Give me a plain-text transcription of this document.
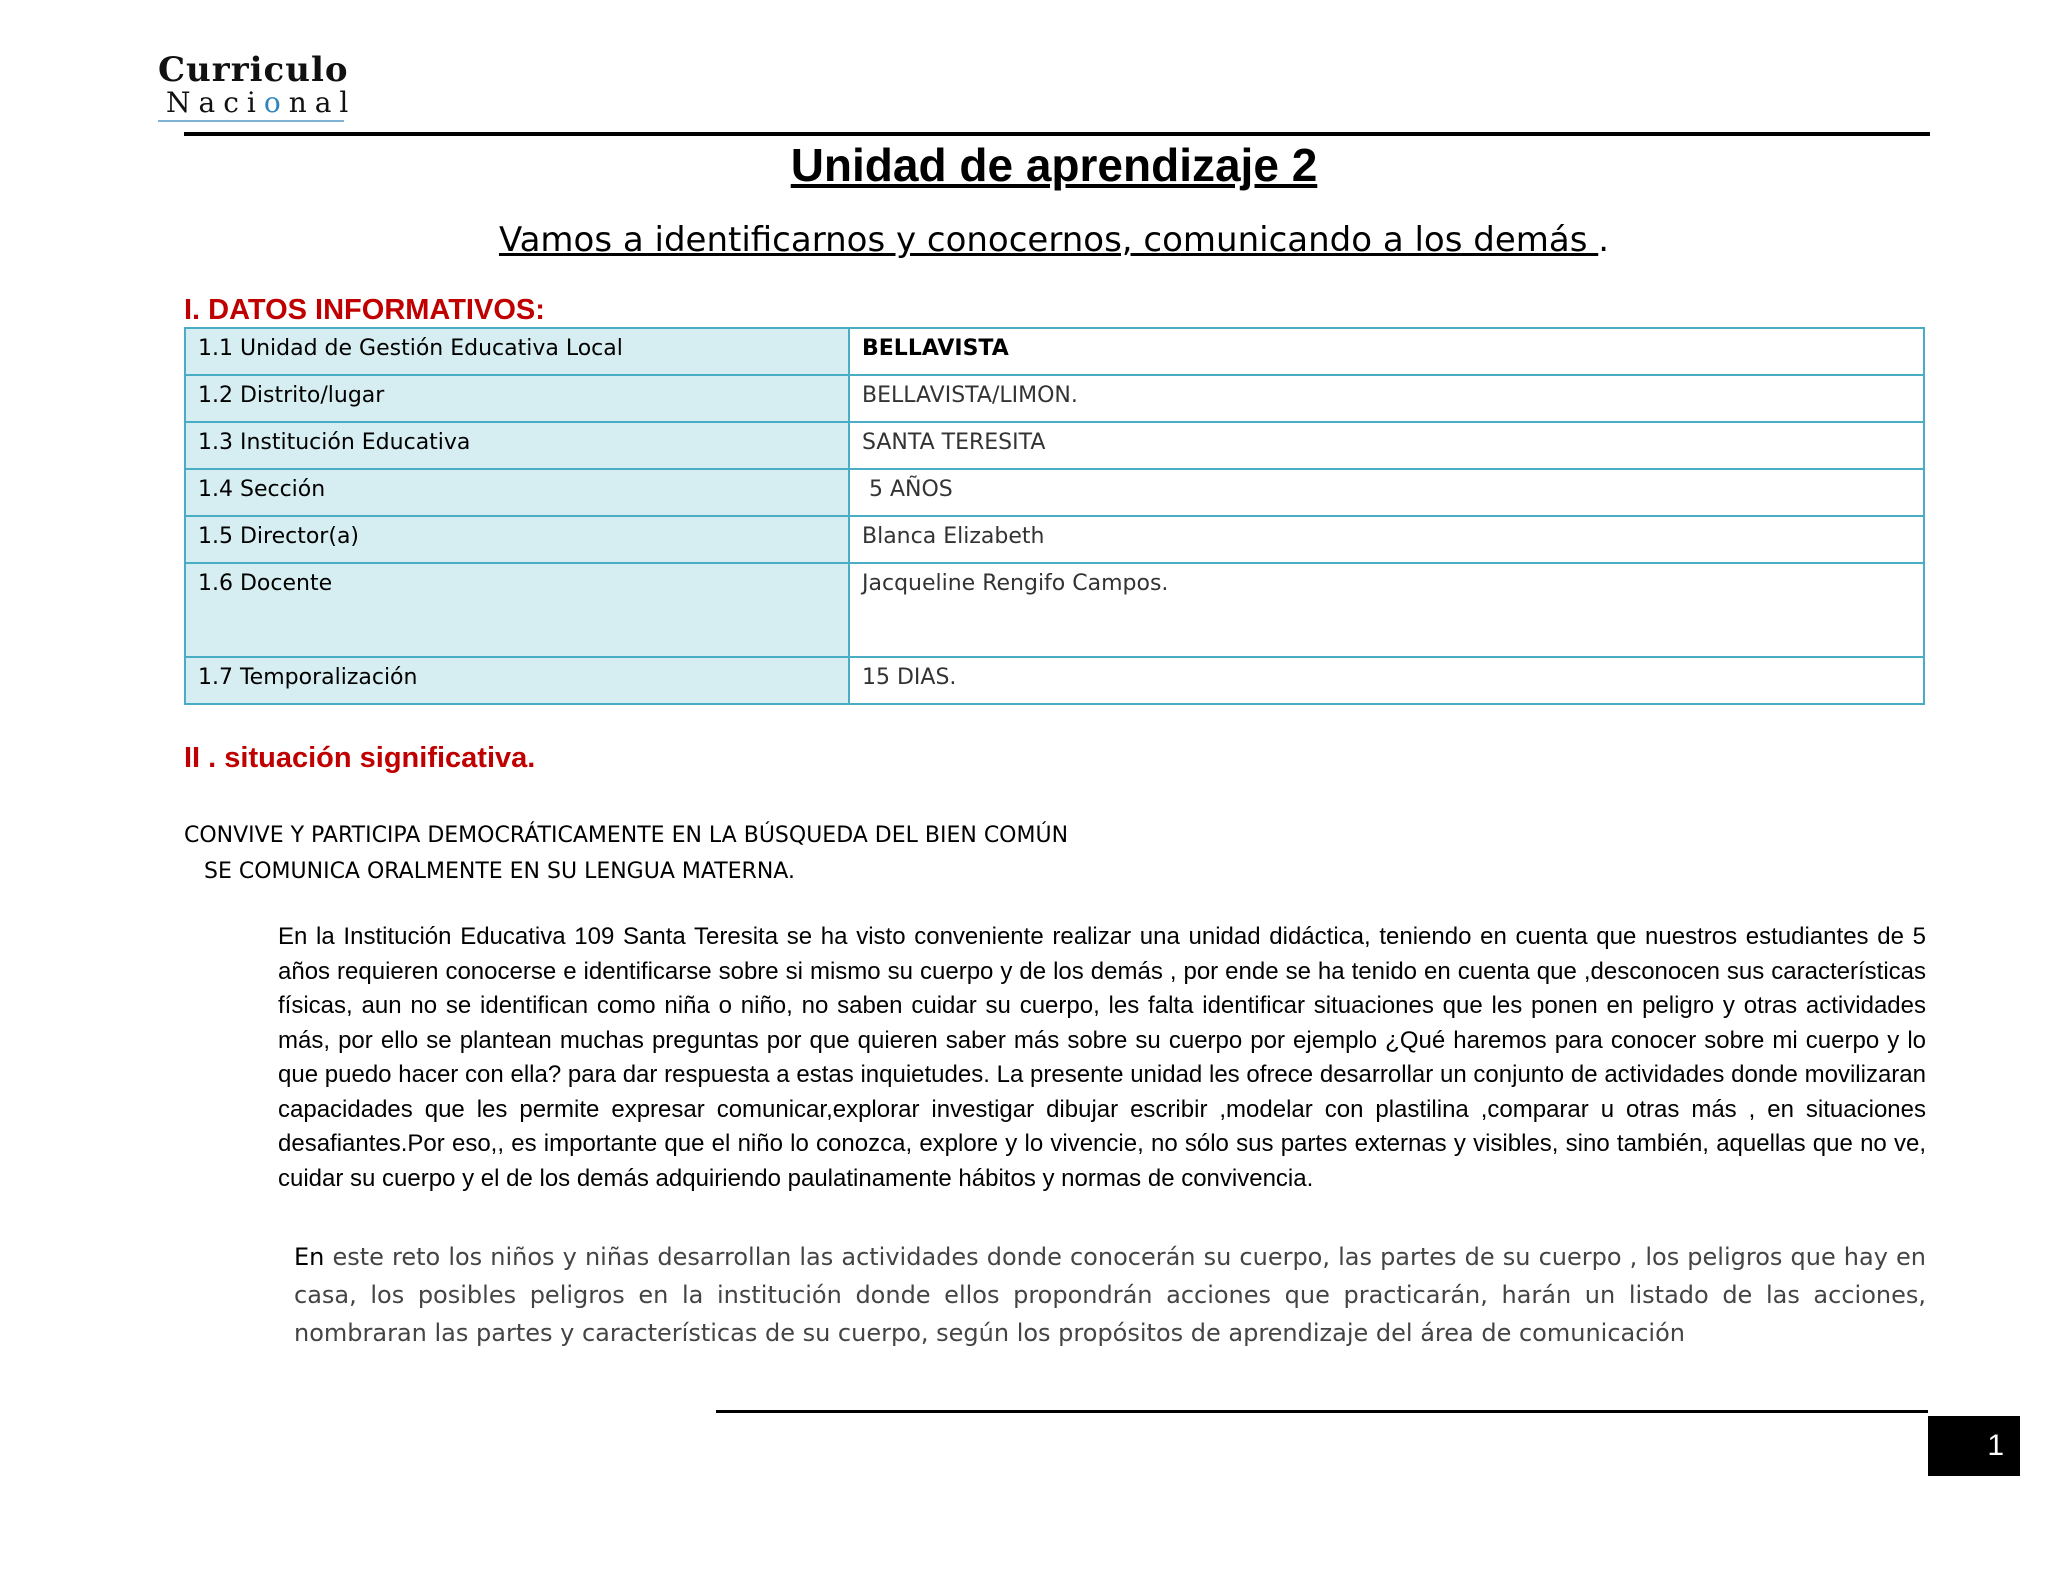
Curriculo
Nacional
Unidad de aprendizaje 2
Vamos a identificarnos y conocernos, comunicando a los demás .
I. DATOS INFORMATIVOS:
1.1 Unidad de Gestión Educativa Local	BELLAVISTA
1.2 Distrito/lugar	BELLAVISTA/LIMON.
1.3 Institución Educativa	SANTA TERESITA
1.4 Sección	5 AÑOS
1.5 Director(a)	Blanca Elizabeth
1.6 Docente	Jacqueline Rengifo Campos.
1.7 Temporalización	15 DIAS.
II . situación significativa.
CONVIVE Y PARTICIPA DEMOCRÁTICAMENTE EN LA BÚSQUEDA DEL BIEN COMÚN
SE COMUNICA ORALMENTE EN SU LENGUA MATERNA.
En la Institución Educativa 109 Santa Teresita se ha visto conveniente realizar una unidad didáctica, teniendo en cuenta que nuestros estudiantes de 5 años requieren conocerse e identificarse sobre si mismo su cuerpo y de los demás , por ende se ha tenido en cuenta que ,desconocen sus características físicas, aun no se identifican como niña o niño, no saben cuidar su cuerpo, les falta identificar situaciones que les ponen en peligro y otras actividades más, por ello se plantean muchas preguntas por que quieren saber más sobre su cuerpo por ejemplo ¿Qué haremos para conocer sobre mi cuerpo y lo que puedo hacer con ella? para dar respuesta a estas inquietudes. La presente unidad les ofrece desarrollar un conjunto de actividades donde movilizaran capacidades que les permite expresar comunicar,explorar investigar dibujar escribir ,modelar con plastilina ,comparar u otras más , en situaciones desafiantes.Por eso,, es importante que el niño lo conozca, explore y lo vivencie, no sólo sus partes externas y visibles, sino también, aquellas que no ve, cuidar su cuerpo y el de los demás adquiriendo paulatinamente hábitos y normas de convivencia.
En este reto los niños y niñas desarrollan las actividades donde conocerán su cuerpo, las partes de su cuerpo , los peligros que hay en casa, los posibles peligros en la institución donde ellos propondrán acciones que practicarán, harán un listado de las acciones, nombraran las partes y características de su cuerpo, según los propósitos de aprendizaje del área de comunicación
1
